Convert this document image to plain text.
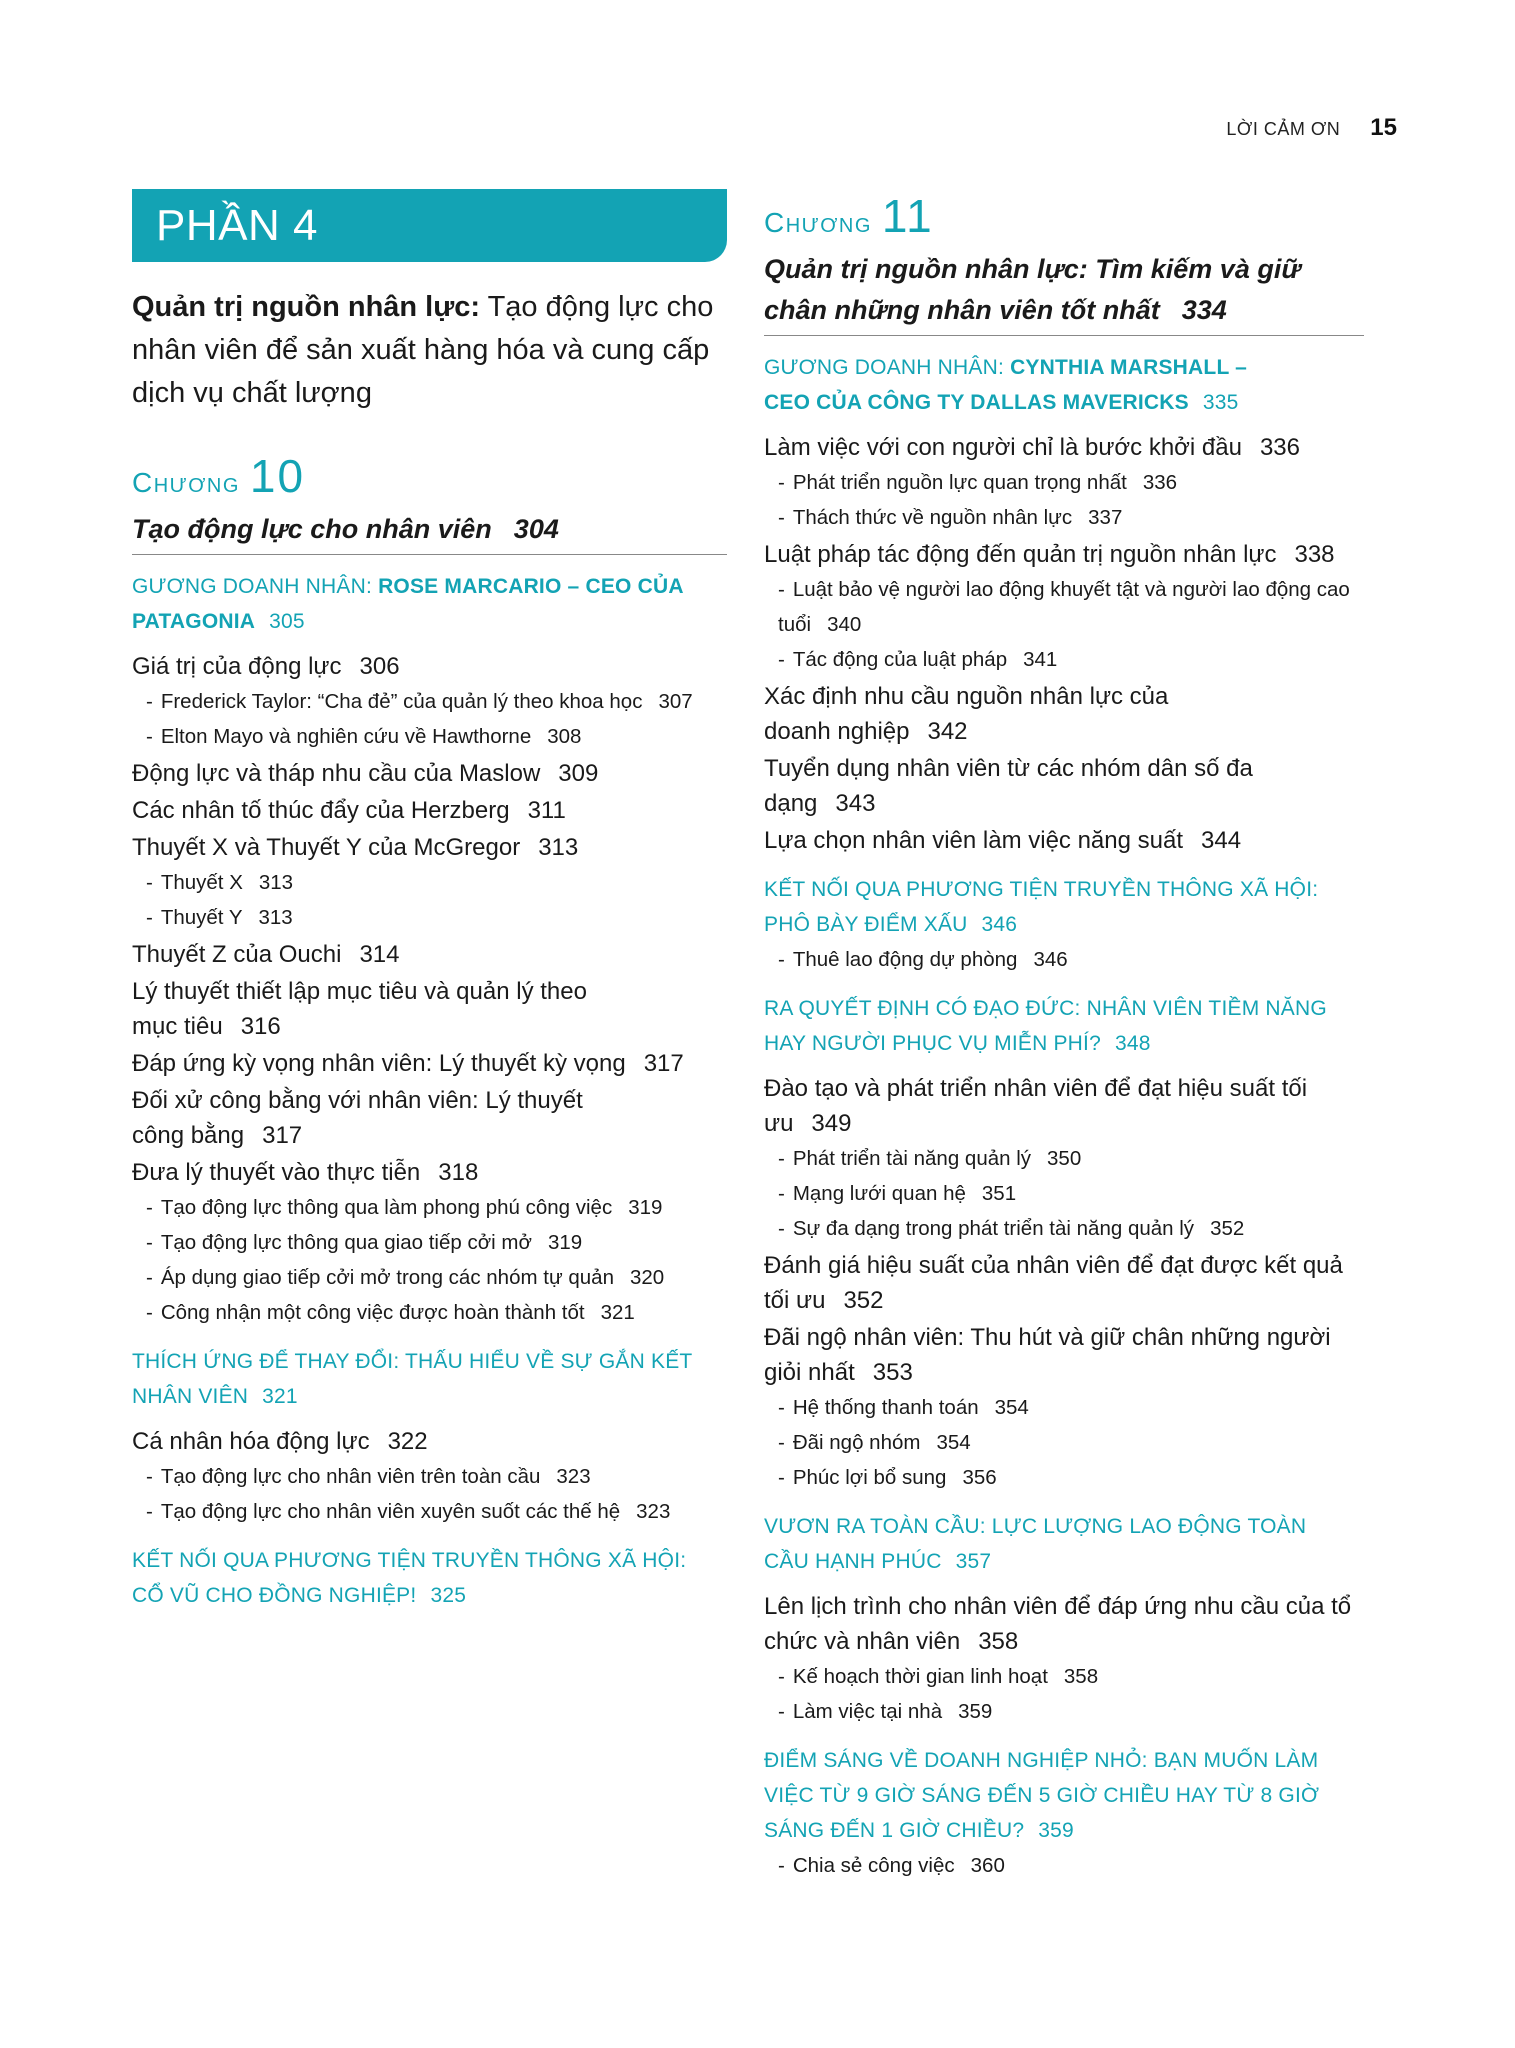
LỜI CẢM ƠN 15
PHẦN 4
Quản trị nguồn nhân lực: Tạo động lực cho nhân viên để sản xuất hàng hóa và cung cấp dịch vụ chất lượng
Chương 10
Tạo động lực cho nhân viên 304
GƯƠNG DOANH NHÂN: ROSE MARCARIO – CEO CỦA PATAGONIA 305
Giá trị của động lực 306
- Frederick Taylor: “Cha đẻ” của quản lý theo khoa học 307
- Elton Mayo và nghiên cứu về Hawthorne 308
Động lực và tháp nhu cầu của Maslow 309
Các nhân tố thúc đẩy của Herzberg 311
Thuyết X và Thuyết Y của McGregor 313
- Thuyết X 313
- Thuyết Y 313
Thuyết Z của Ouchi 314
Lý thuyết thiết lập mục tiêu và quản lý theo mục tiêu 316
Đáp ứng kỳ vọng nhân viên: Lý thuyết kỳ vọng 317
Đối xử công bằng với nhân viên: Lý thuyết công bằng 317
Đưa lý thuyết vào thực tiễn 318
- Tạo động lực thông qua làm phong phú công việc 319
- Tạo động lực thông qua giao tiếp cởi mở 319
- Áp dụng giao tiếp cởi mở trong các nhóm tự quản 320
- Công nhận một công việc được hoàn thành tốt 321
THÍCH ỨNG ĐỂ THAY ĐỔI: THẤU HIỂU VỀ SỰ GẮN KẾT NHÂN VIÊN 321
Cá nhân hóa động lực 322
- Tạo động lực cho nhân viên trên toàn cầu 323
- Tạo động lực cho nhân viên xuyên suốt các thế hệ 323
KẾT NỐI QUA PHƯƠNG TIỆN TRUYỀN THÔNG XÃ HỘI: CỔ VŨ CHO ĐỒNG NGHIỆP! 325
Chương 11
Quản trị nguồn nhân lực: Tìm kiếm và giữ chân những nhân viên tốt nhất 334
GƯƠNG DOANH NHÂN: CYNTHIA MARSHALL – CEO CỦA CÔNG TY DALLAS MAVERICKS 335
Làm việc với con người chỉ là bước khởi đầu 336
- Phát triển nguồn lực quan trọng nhất 336
- Thách thức về nguồn nhân lực 337
Luật pháp tác động đến quản trị nguồn nhân lực 338
- Luật bảo vệ người lao động khuyết tật và người lao động cao tuổi 340
- Tác động của luật pháp 341
Xác định nhu cầu nguồn nhân lực của doanh nghiệp 342
Tuyển dụng nhân viên từ các nhóm dân số đa dạng 343
Lựa chọn nhân viên làm việc năng suất 344
KẾT NỐI QUA PHƯƠNG TIỆN TRUYỀN THÔNG XÃ HỘI: PHÔ BÀY ĐIỂM XẤU 346
- Thuê lao động dự phòng 346
RA QUYẾT ĐỊNH CÓ ĐẠO ĐỨC: NHÂN VIÊN TIỀM NĂNG HAY NGƯỜI PHỤC VỤ MIỄN PHÍ? 348
Đào tạo và phát triển nhân viên để đạt hiệu suất tối ưu 349
- Phát triển tài năng quản lý 350
- Mạng lưới quan hệ 351
- Sự đa dạng trong phát triển tài năng quản lý 352
Đánh giá hiệu suất của nhân viên để đạt được kết quả tối ưu 352
Đãi ngộ nhân viên: Thu hút và giữ chân những người giỏi nhất 353
- Hệ thống thanh toán 354
- Đãi ngộ nhóm 354
- Phúc lợi bổ sung 356
VƯƠN RA TOÀN CẦU: LỰC LƯỢNG LAO ĐỘNG TOÀN CẦU HẠNH PHÚC 357
Lên lịch trình cho nhân viên để đáp ứng nhu cầu của tổ chức và nhân viên 358
- Kế hoạch thời gian linh hoạt 358
- Làm việc tại nhà 359
ĐIỂM SÁNG VỀ DOANH NGHIỆP NHỎ: BẠN MUỐN LÀM VIỆC TỪ 9 GIỜ SÁNG ĐẾN 5 GIỜ CHIỀU HAY TỪ 8 GIỜ SÁNG ĐẾN 1 GIỜ CHIỀU? 359
- Chia sẻ công việc 360
